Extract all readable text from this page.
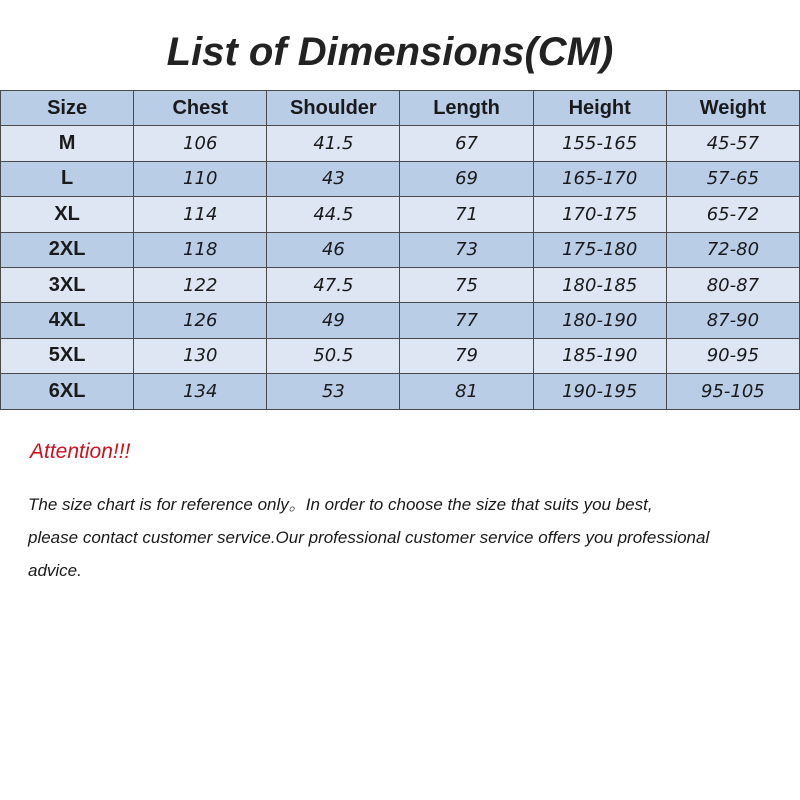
List of Dimensions(CM)
Size	Chest	Shoulder	Length	Height	Weight
M	106	41.5	67	155-165	45-57
L	110	43	69	165-170	57-65
XL	114	44.5	71	170-175	65-72
2XL	118	46	73	175-180	72-80
3XL	122	47.5	75	180-185	80-87
4XL	126	49	77	180-190	87-90
5XL	130	50.5	79	185-190	90-95
6XL	134	53	81	190-195	95-105
Attention!!!

The size chart is for reference only。In order to choose the size that suits you best,

please contact customer service.Our professional customer service offers you professional

advice.
